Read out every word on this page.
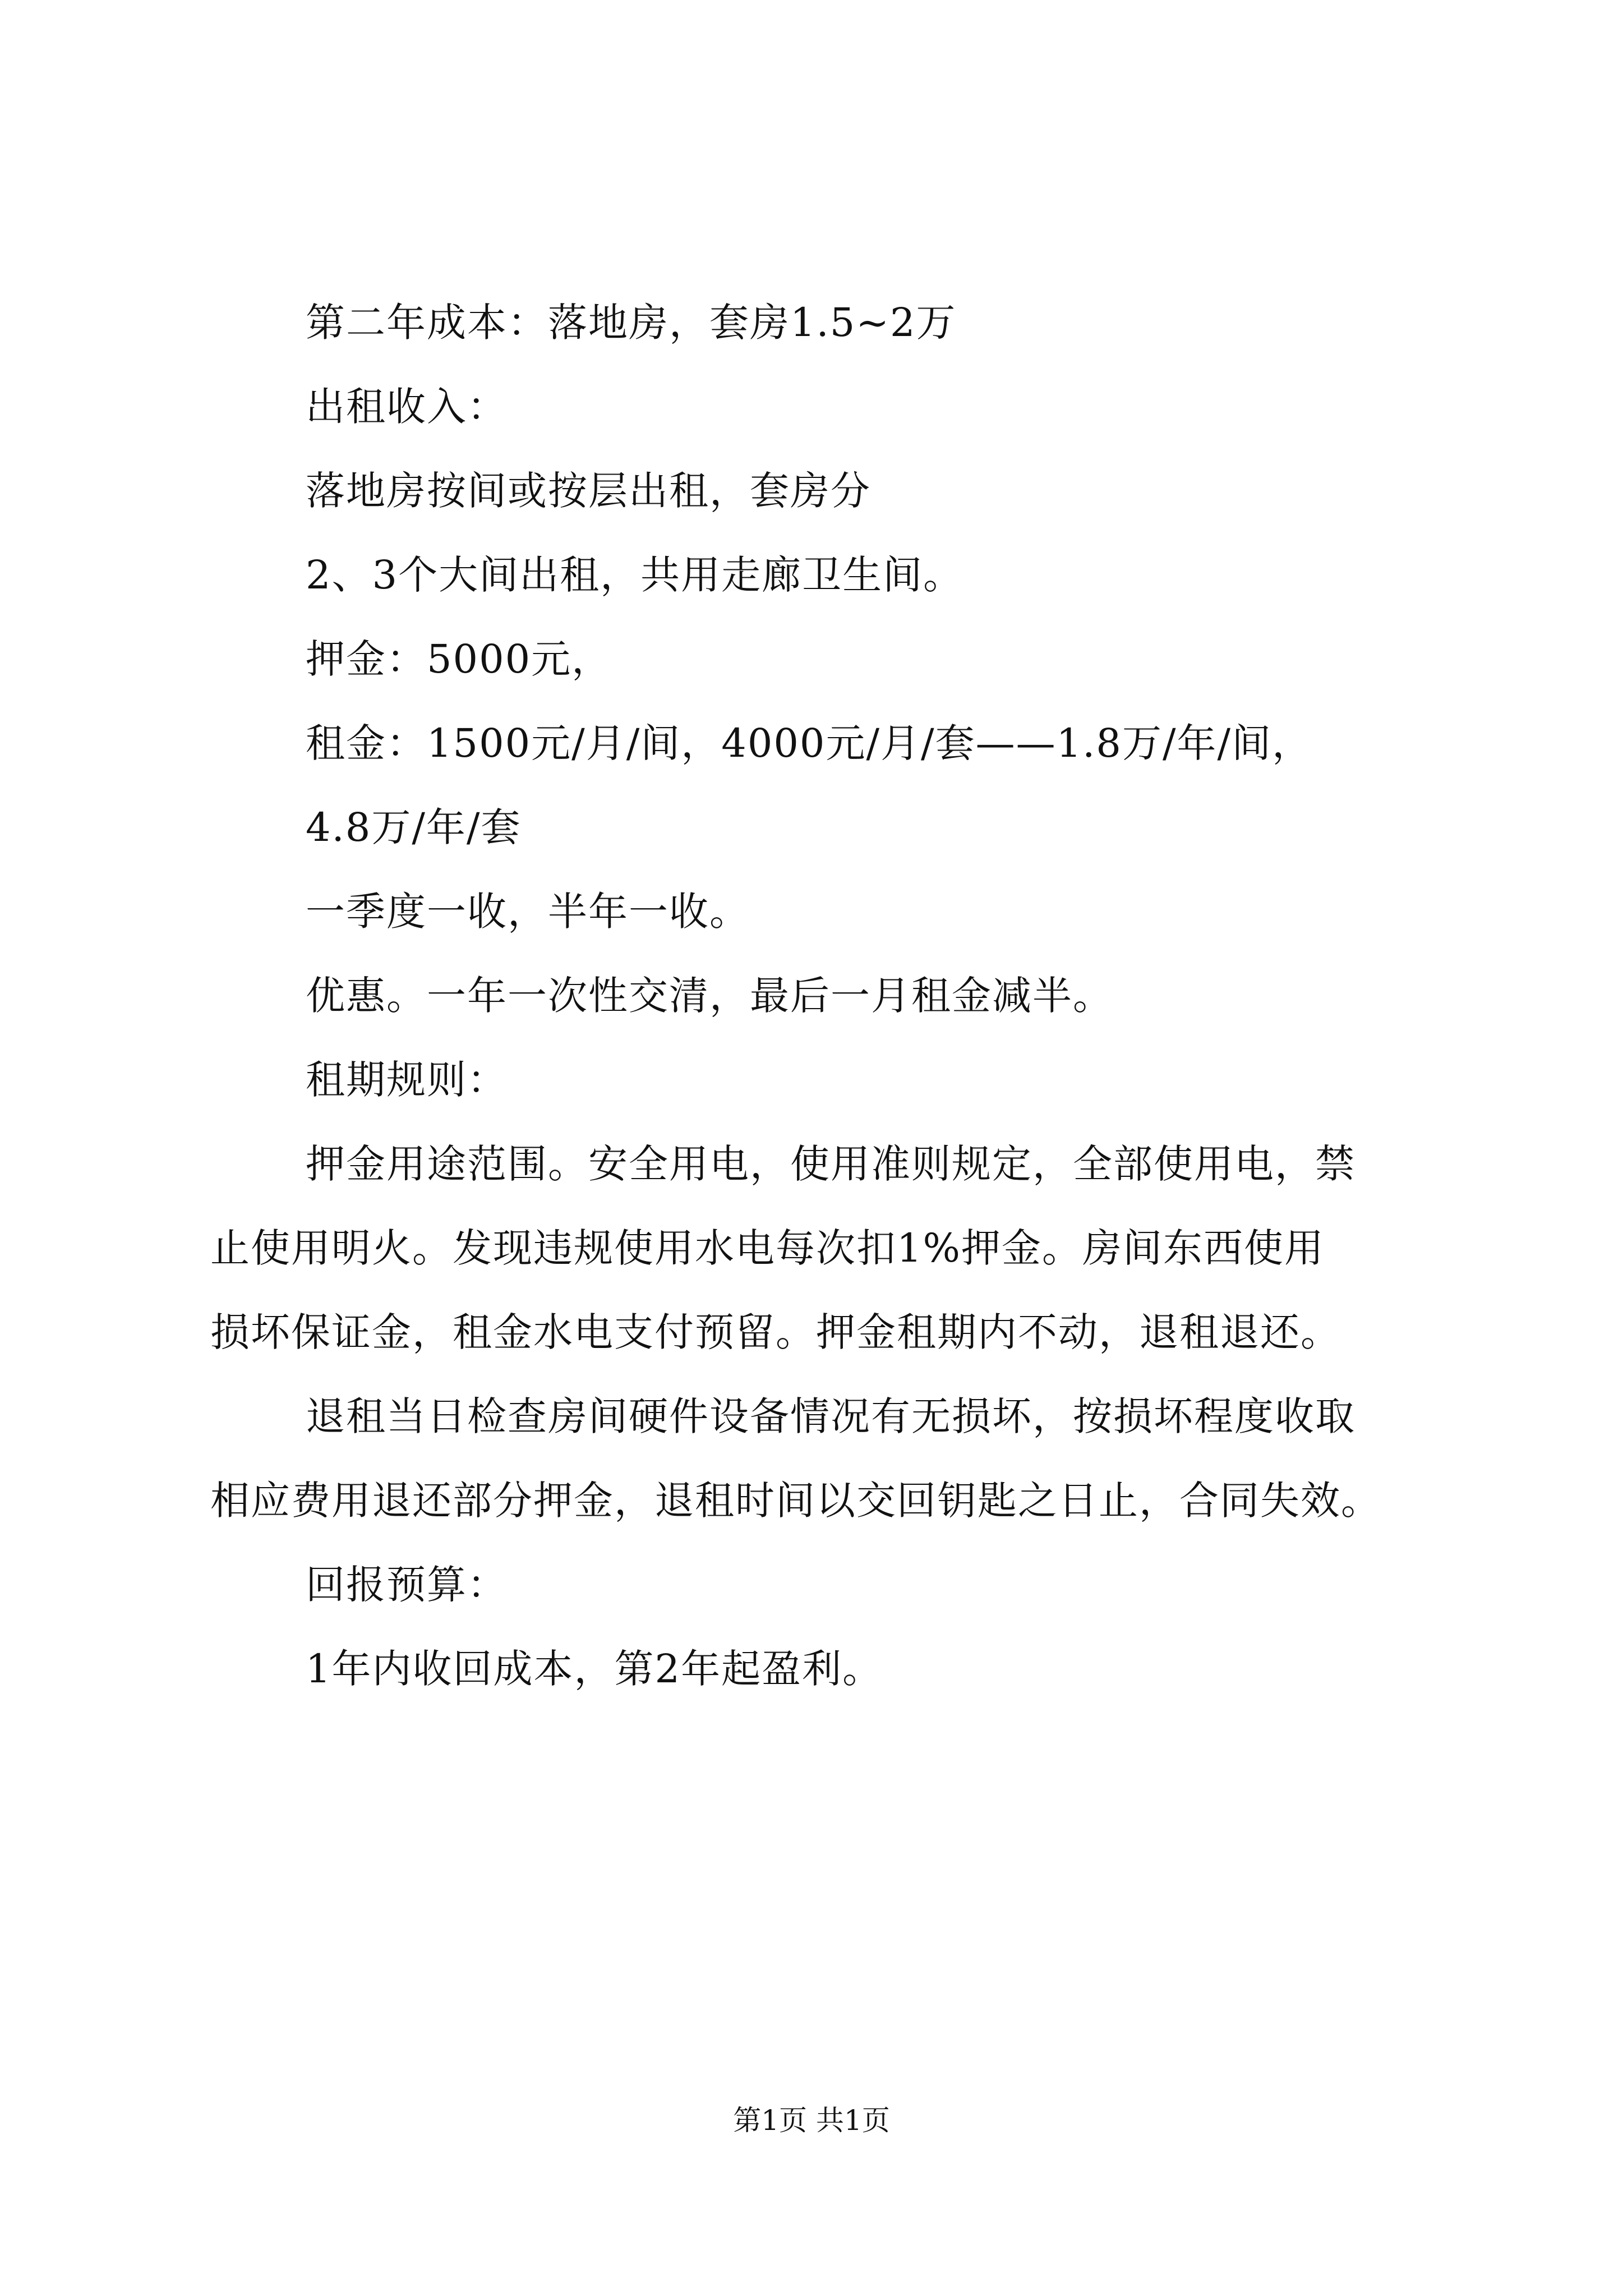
第二年成本：落地房，套房1.5~2万
出租收入：
落地房按间或按层出租，套房分
2、3个大间出租，共用走廊卫生间。
押金：5000元，
租金：1500元/月/间，4000元/月/套——1.8万/年/间，
4.8万/年/套
一季度一收，半年一收。
优惠。一年一次性交清，最后一月租金减半。
租期规则：
押金用途范围。安全用电，使用准则规定，全部使用电，禁
止使用明火。发现违规使用水电每次扣1%押金。房间东西使用
损坏保证金，租金水电支付预留。押金租期内不动，退租退还。
退租当日检查房间硬件设备情况有无损坏，按损坏程度收取
相应费用退还部分押金，退租时间以交回钥匙之日止，合同失效。
回报预算：
1年内收回成本，第2年起盈利。
第1页 共1页
